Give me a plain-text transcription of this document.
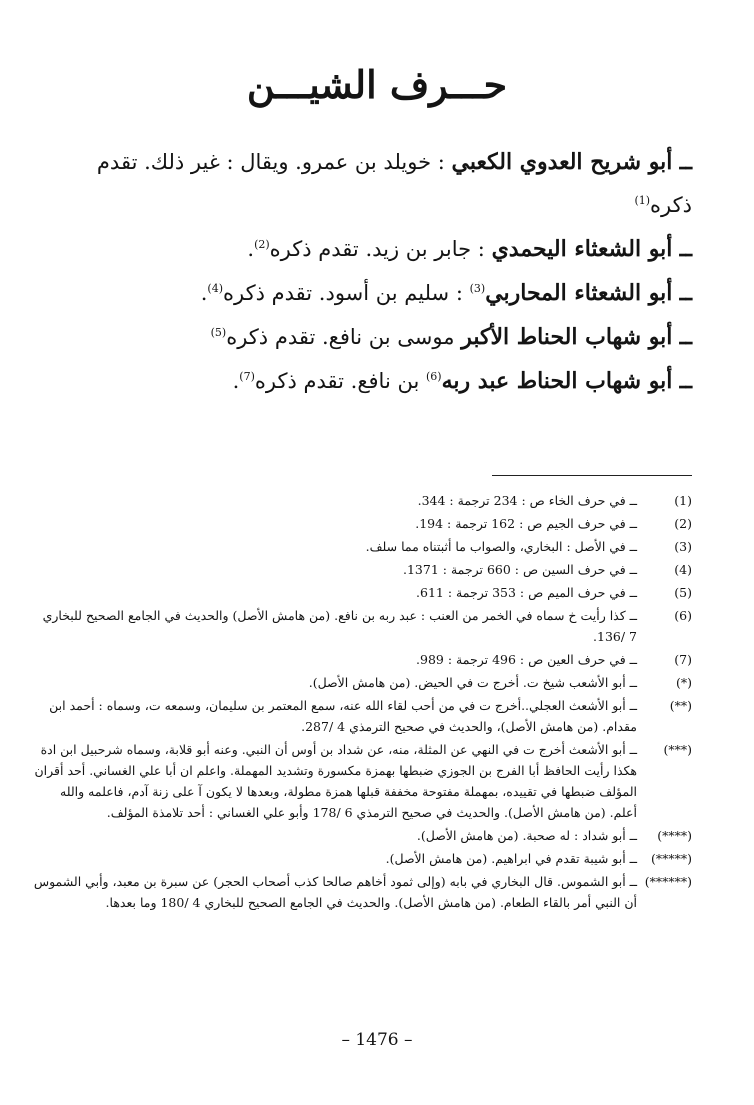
حـــرف الشيـــن
ــ أبو شريح العدوي الكعبي : خويلد بن عمرو. ويقال : غير ذلك. تقدم ذكره$^{(1)}$
ــ أبو الشعثاء اليحمدي : جابر بن زيد. تقدم ذكره$^{(2)}$.
ــ أبو الشعثاء المحاربي$^{(3)}$ : سليم بن أسود. تقدم ذكره$^{(4)}$.
ــ أبو شهاب الحناط الأكبر موسى بن نافع. تقدم ذكره$^{(5)}$
ــ أبو شهاب الحناط عبد ربه$^{(6)}$ بن نافع. تقدم ذكره$^{(7)}$.
(1)
ــ في حرف الخاء ص : 234 ترجمة : 344.
(2)
ــ في حرف الجيم ص : 162 ترجمة : 194.
(3)
ــ في الأصل : البخاري، والصواب ما أثبتناه مما سلف.
(4)
ــ في حرف السين ص : 660 ترجمة : 1371.
(5)
ــ في حرف الميم ص : 353 ترجمة : 611.
(6)
ــ كذا رأيت خ سماه في الخمر من العنب : عبد ربه بن نافع. (من هامش الأصل) والحديث في الجامع الصحيح للبخاري 7 /136.
(7)
ــ في حرف العين ص : 496 ترجمة : 989.
(*)
ــ أبو الأشعب شيخ ت. أخرج ت في الحيض. (من هامش الأصل).
(**)
ــ أبو الأشعث العجلي..أخرج ت في من أحب لقاء الله عنه، سمع المعتمر بن سليمان، وسمعه ت، وسماه : أحمد ابن مقدام. (من هامش الأصل)، والحديث في صحيح الترمذي 4 /287.
(***)
ــ أبو الأشعث أخرج ت في النهي عن المثلة، منه، عن شداد بن أوس أن النبي. وعنه أبو قلابة، وسماه شرحبيل ابن ادة هكذا رأيت الحافظ أبا الفرج بن الجوزي ضبطها بهمزة مكسورة وتشديد المهملة. واعلم ان أبا علي الغساني. أحد أقران المؤلف ضبطها في تقييده، بمهملة مفتوحة مخففة قبلها همزة مطولة، وبعدها لا يكون آ على زنة آدم، فاعلمه والله أعلم. (من هامش الأصل). والحديث في صحيح الترمذي 6 /178 وأبو علي الغساني : أحد تلامذة المؤلف.
(****)
ــ أبو شداد : له صحبة. (من هامش الأصل).
(*****)
ــ أبو شيبة تقدم في ابراهيم. (من هامش الأصل).
(******)
ــ أبو الشموس. قال البخاري في بابه (وإلى ثمود أخاهم صالحا كذب أصحاب الحجر) عن سبرة بن معبد، وأبي الشموس أن النبي أمر بالقاء الطعام. (من هامش الأصل). والحديث في الجامع الصحيح للبخاري 4 /180 وما بعدها.
– 1476 –
